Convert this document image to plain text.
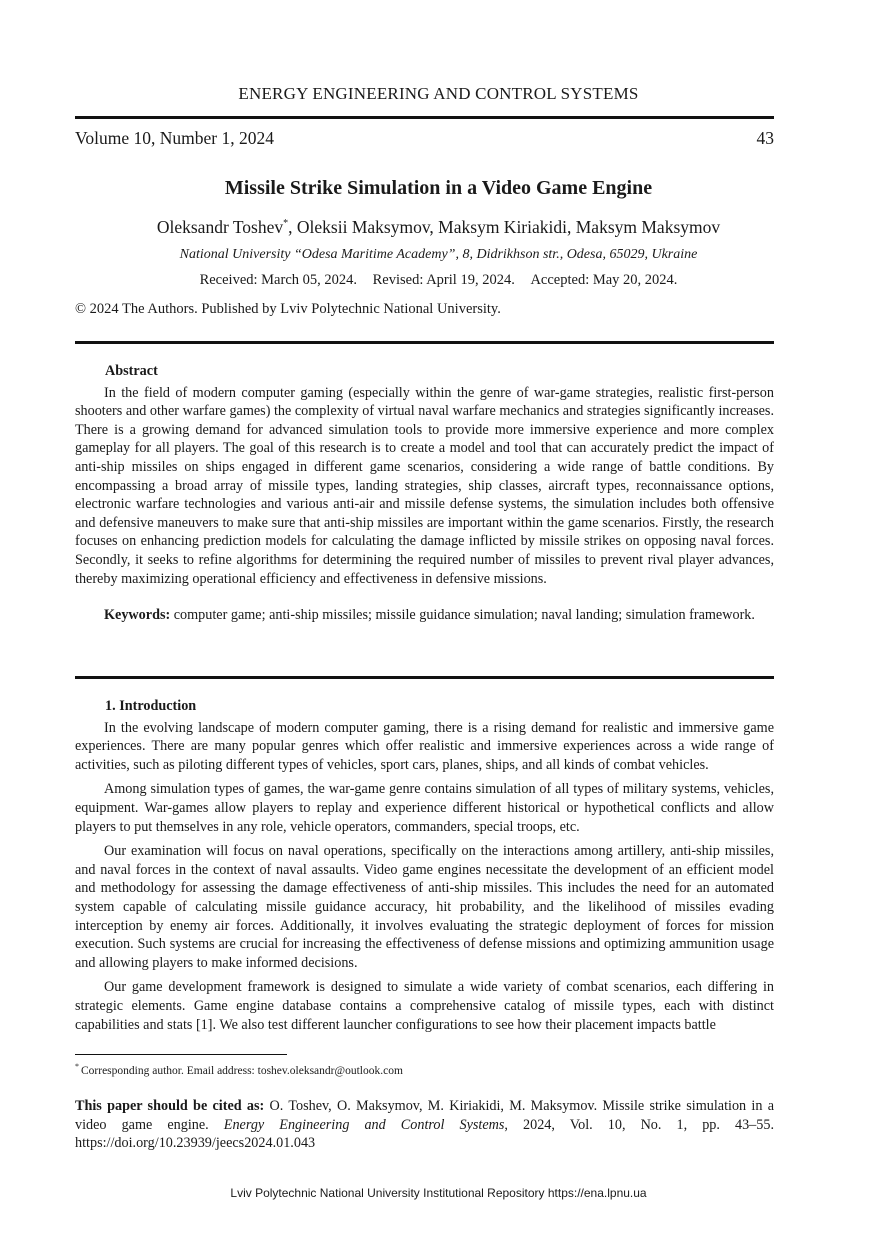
ENERGY ENGINEERING AND CONTROL SYSTEMS
Volume 10, Number 1, 2024	43
Missile Strike Simulation in a Video Game Engine
Oleksandr Toshev*, Oleksii Maksymov, Maksym Kiriakidi, Maksym Maksymov
National University “Odesa Maritime Academy”, 8, Didrikhson str., Odesa, 65029, Ukraine
Received: March 05, 2024. Revised: April 19, 2024. Accepted: May 20, 2024.
© 2024 The Authors. Published by Lviv Polytechnic National University.
Abstract

In the field of modern computer gaming (especially within the genre of war-game strategies, realistic first-person shooters and other warfare games) the complexity of virtual naval warfare mechanics and strategies significantly increases. There is a growing demand for advanced simulation tools to provide more immersive experience and more complex gameplay for all players. The goal of this research is to create a model and tool that can accurately predict the impact of anti-ship missiles on ships engaged in different game scenarios, considering a wide range of battle conditions. By encompassing a broad array of missile types, landing strategies, ship classes, aircraft types, reconnaissance options, electronic warfare technologies and various anti-air and missile defense systems, the simulation includes both offensive and defensive maneuvers to make sure that anti-ship missiles are important within the game scenarios. Firstly, the research focuses on enhancing prediction models for calculating the damage inflicted by missile strikes on opposing naval forces. Secondly, it seeks to refine algorithms for determining the required number of missiles to prevent rival player advances, thereby maximizing operational efficiency and effectiveness in defensive missions.

Keywords: computer game; anti-ship missiles; missile guidance simulation; naval landing; simulation framework.

1. Introduction

In the evolving landscape of modern computer gaming, there is a rising demand for realistic and immersive game experiences. There are many popular genres which offer realistic and immersive experiences across a wide range of activities, such as piloting different types of vehicles, sport cars, planes, ships, and all kinds of combat vehicles.

Among simulation types of games, the war-game genre contains simulation of all types of military systems, vehicles, equipment. War-games allow players to replay and experience different historical or hypothetical conflicts and allow players to put themselves in any role, vehicle operators, commanders, special troops, etc.

Our examination will focus on naval operations, specifically on the interactions among artillery, anti-ship missiles, and naval forces in the context of naval assaults. Video game engines necessitate the development of an efficient model and methodology for assessing the damage effectiveness of anti-ship missiles. This includes the need for an automated system capable of calculating missile guidance accuracy, hit probability, and the likelihood of missiles evading interception by enemy air forces. Additionally, it involves evaluating the strategic deployment of forces for mission execution. Such systems are crucial for increasing the effectiveness of defense missions and optimizing ammunition usage and allowing players to make informed decisions.

Our game development framework is designed to simulate a wide variety of combat scenarios, each differing in strategic elements. Game engine database contains a comprehensive catalog of missile types, each with distinct capabilities and stats [1]. We also test different launcher configurations to see how their placement impacts battle

* Corresponding author. Email address: toshev.oleksandr@outlook.com
This paper should be cited as: O. Toshev, O. Maksymov, M. Kiriakidi, M. Maksymov. Missile strike simulation in a video game engine. Energy Engineering and Control Systems, 2024, Vol. 10, No. 1, pp. 43–55. https://doi.org/10.23939/jeecs2024.01.043
Lviv Polytechnic National University Institutional Repository https://ena.lpnu.ua
